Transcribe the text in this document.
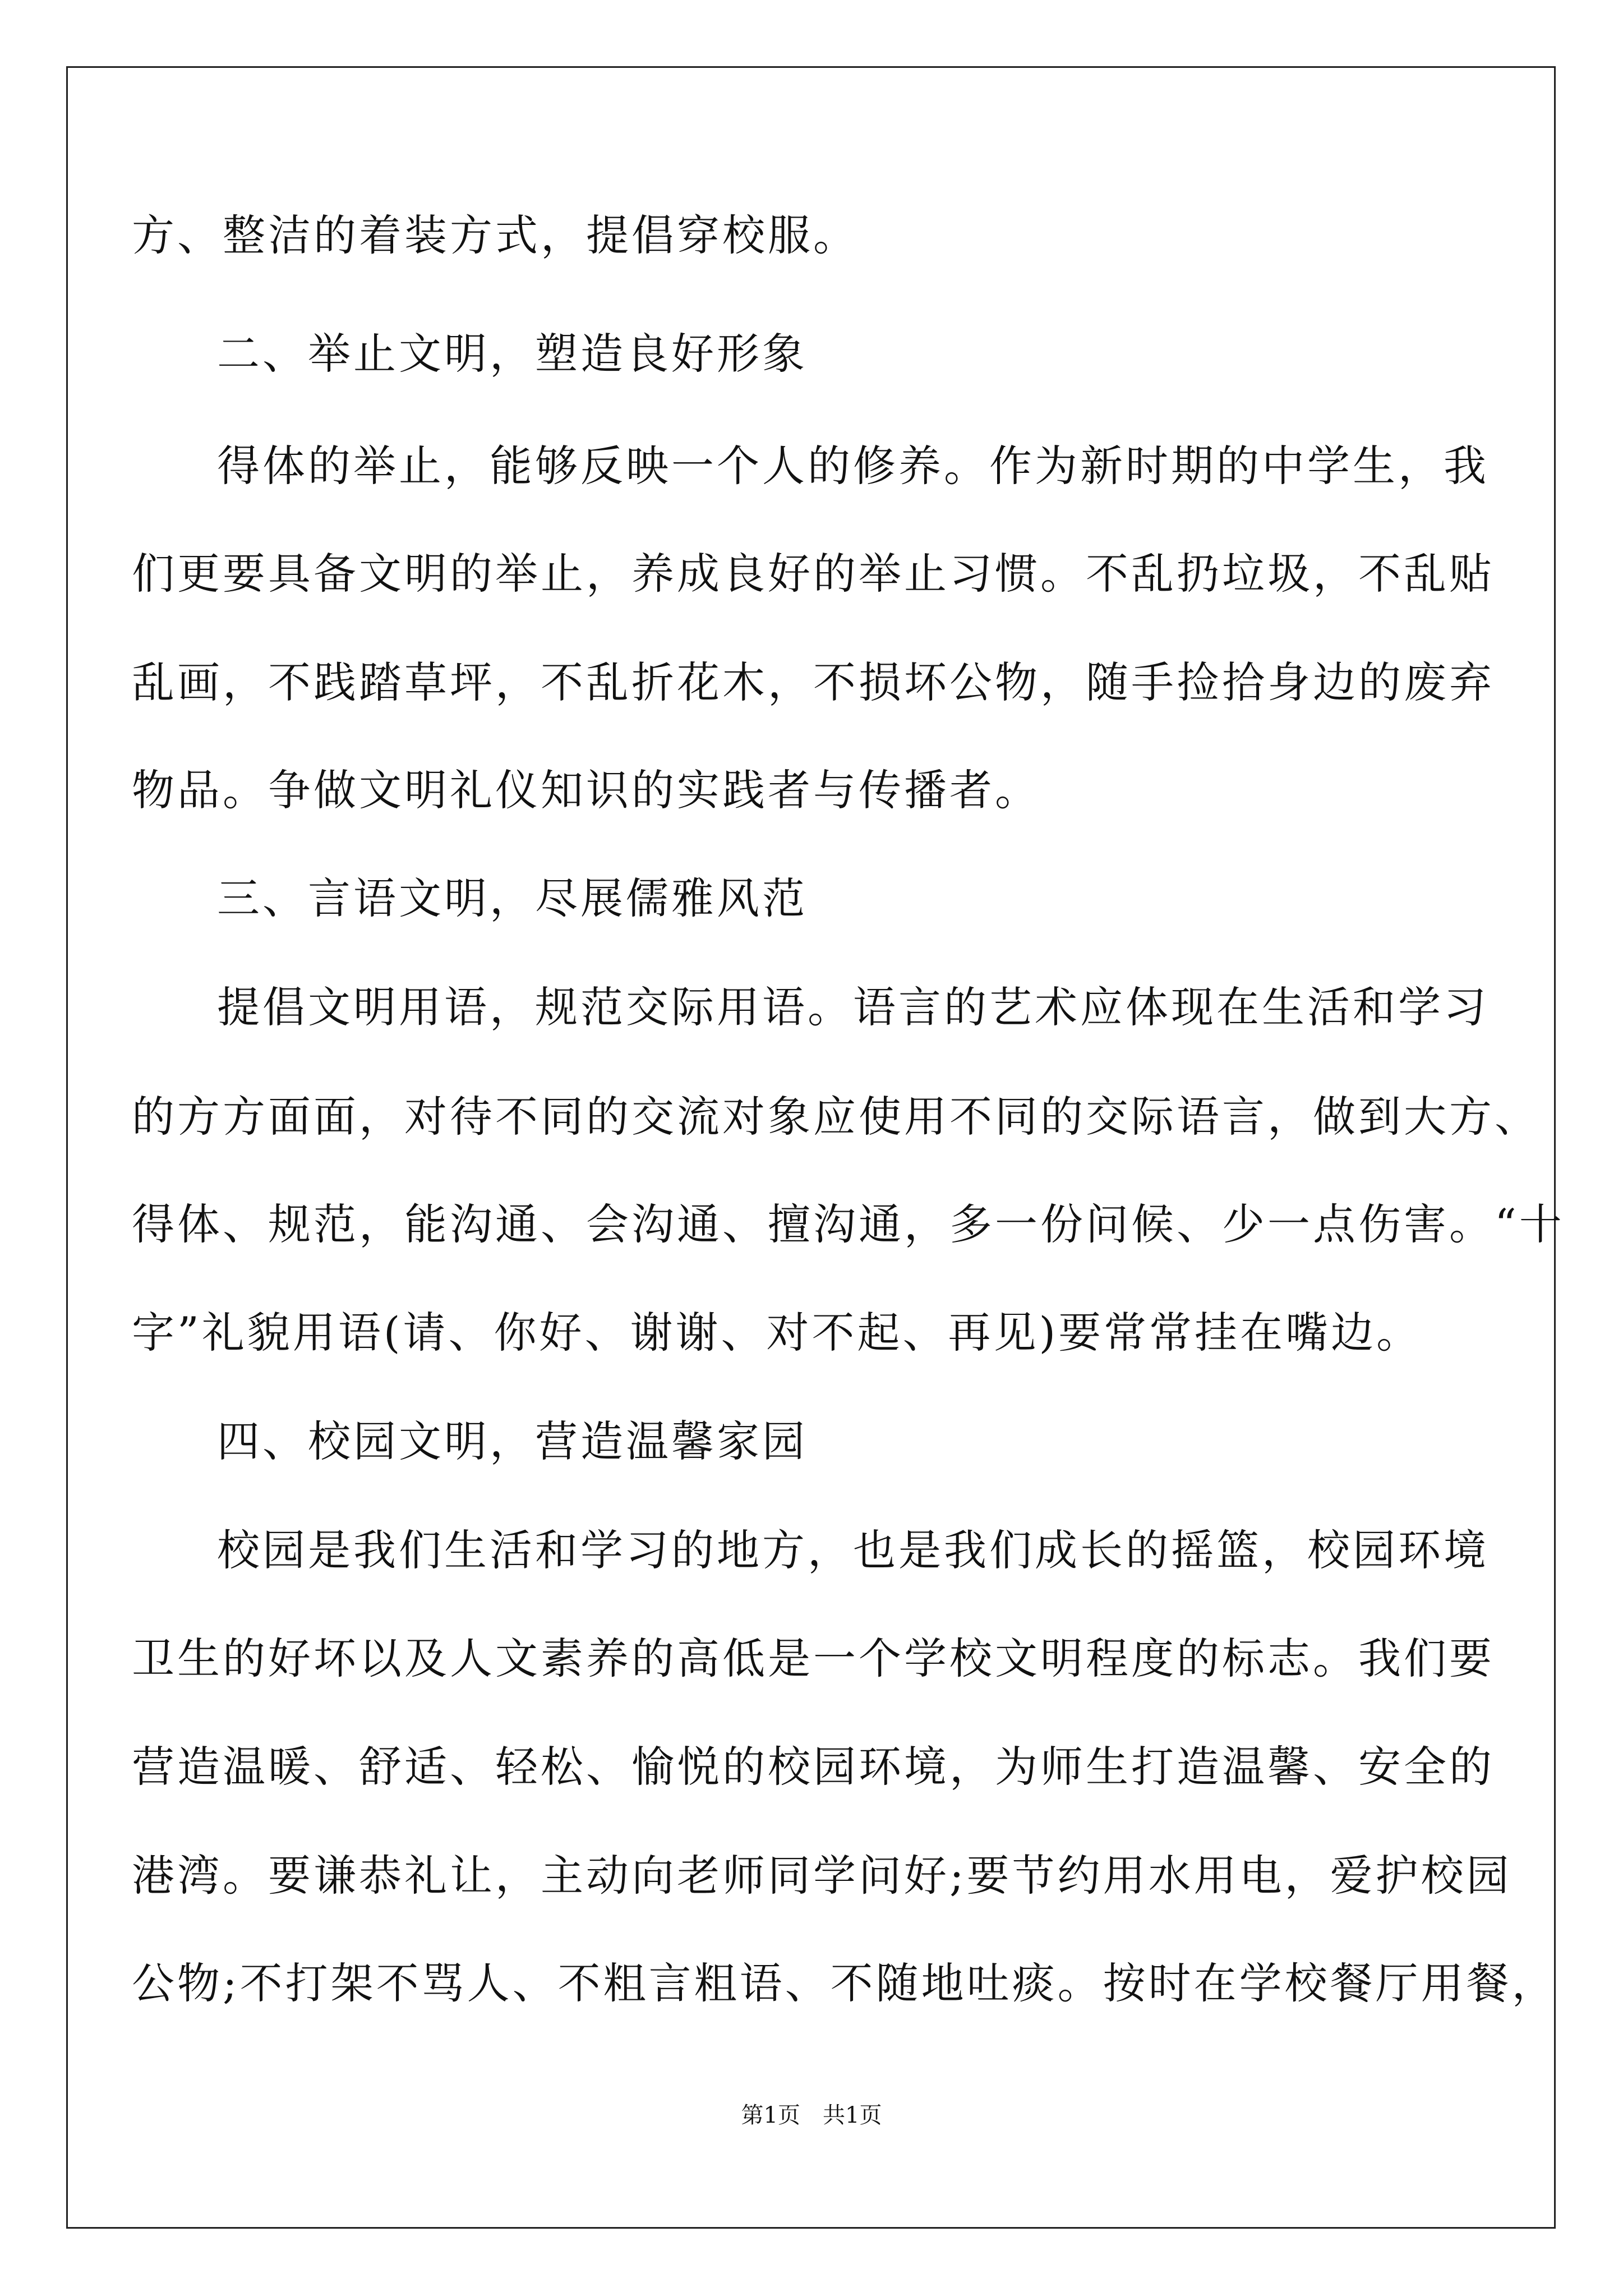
方、整洁的着装方式，提倡穿校服。
二、举止文明，塑造良好形象
得体的举止，能够反映一个人的修养。作为新时期的中学生，我
们更要具备文明的举止，养成良好的举止习惯。不乱扔垃圾，不乱贴
乱画，不践踏草坪，不乱折花木，不损坏公物，随手捡拾身边的废弃
物品。争做文明礼仪知识的实践者与传播者。
三、言语文明，尽展儒雅风范
提倡文明用语，规范交际用语。语言的艺术应体现在生活和学习
的方方面面，对待不同的交流对象应使用不同的交际语言，做到大方、
得体、规范，能沟通、会沟通、擅沟通，多一份问候、少一点伤害。“十
字”礼貌用语(请、你好、谢谢、对不起、再见)要常常挂在嘴边。
四、校园文明，营造温馨家园
校园是我们生活和学习的地方，也是我们成长的摇篮，校园环境
卫生的好坏以及人文素养的高低是一个学校文明程度的标志。我们要
营造温暖、舒适、轻松、愉悦的校园环境，为师生打造温馨、安全的
港湾。要谦恭礼让，主动向老师同学问好;要节约用水用电，爱护校园
公物;不打架不骂人、不粗言粗语、不随地吐痰。按时在学校餐厅用餐，
第1页　共1页
